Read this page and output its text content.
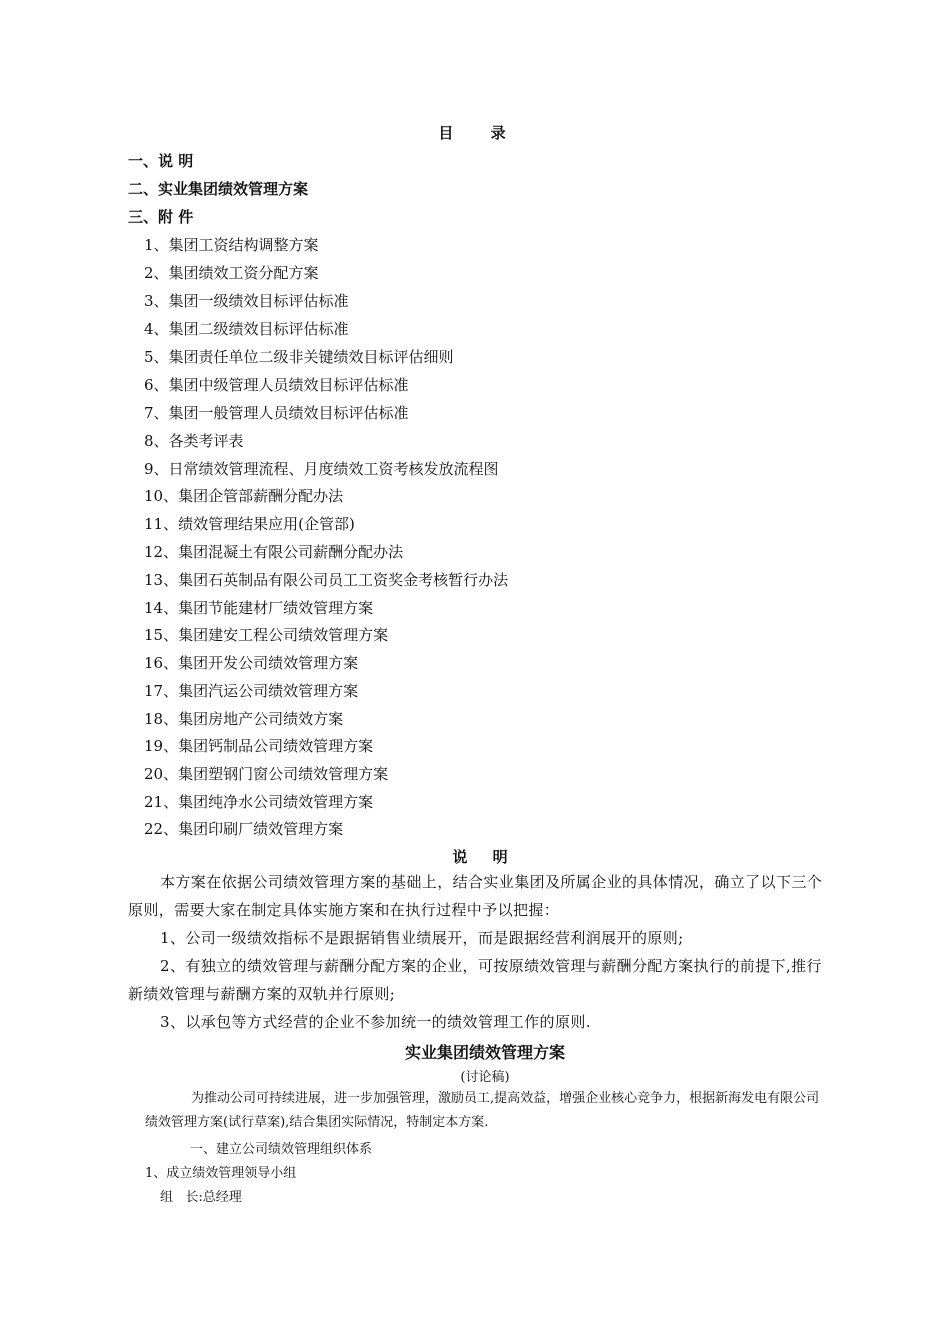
目 录
一、说 明
二、实业集团绩效管理方案
三、附 件
1、集团工资结构调整方案
2、集团绩效工资分配方案
3、集团一级绩效目标评估标准
4、集团二级绩效目标评估标准
5、集团责任单位二级非关键绩效目标评估细则
6、集团中级管理人员绩效目标评估标准
7、集团一般管理人员绩效目标评估标准
8、各类考评表
9、日常绩效管理流程、月度绩效工资考核发放流程图
10、集团企管部薪酬分配办法
11、绩效管理结果应用(企管部)
12、集团混凝土有限公司薪酬分配办法
13、集团石英制品有限公司员工工资奖金考核暂行办法
14、集团节能建材厂绩效管理方案
15、集团建安工程公司绩效管理方案
16、集团开发公司绩效管理方案
17、集团汽运公司绩效管理方案
18、集团房地产公司绩效方案
19、集团钙制品公司绩效管理方案
20、集团塑钢门窗公司绩效管理方案
21、集团纯净水公司绩效管理方案
22、集团印刷厂绩效管理方案
说 明
本方案在依据公司绩效管理方案的基础上，结合实业集团及所属企业的具体情况，确立了以下三个原则，需要大家在制定具体实施方案和在执行过程中予以把握：
1、公司一级绩效指标不是跟据销售业绩展开，而是跟据经营利润展开的原则;
2、有独立的绩效管理与薪酬分配方案的企业，可按原绩效管理与薪酬分配方案执行的前提下,推行新绩效管理与薪酬方案的双轨并行原则;
3、以承包等方式经营的企业不参加统一的绩效管理工作的原则.
实业集团绩效管理方案
(讨论稿)
为推动公司可持续进展，进一步加强管理，激励员工,提高效益，增强企业核心竞争力，根据新海发电有限公司绩效管理方案(试行草案),结合集团实际情况，特制定本方案.
一、建立公司绩效管理组织体系
1、成立绩效管理领导小组
组   长:总经理
